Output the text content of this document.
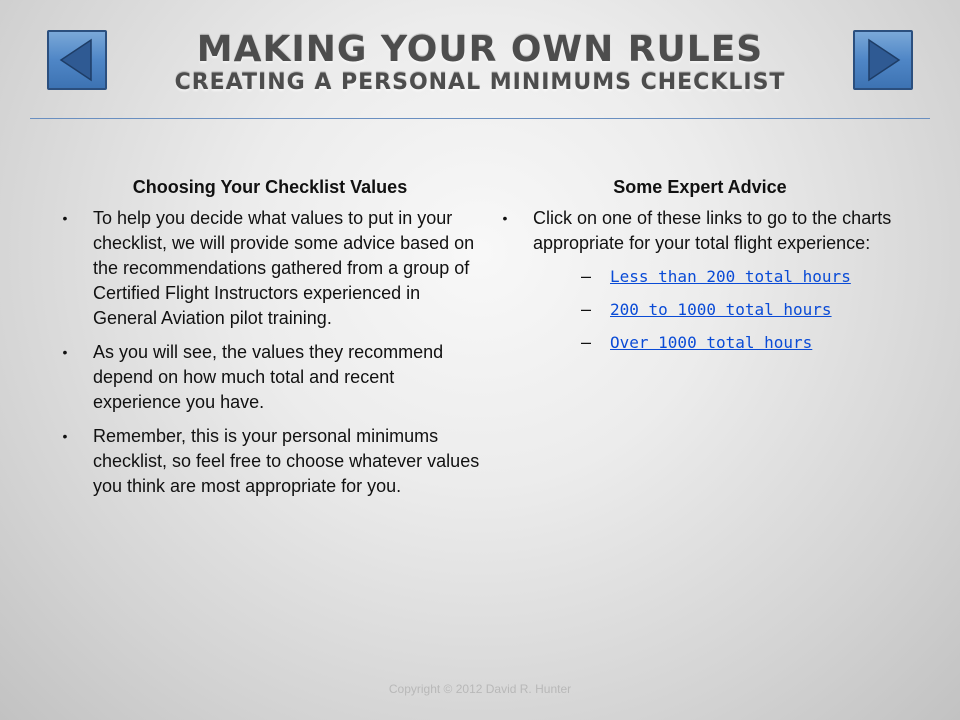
MAKING YOUR OWN RULES
CREATING A PERSONAL MINIMUMS CHECKLIST
Choosing Your Checklist Values
• To help you decide what values to put in your checklist, we will provide some advice based on the recommendations gathered from a group of Certified Flight Instructors experienced in General Aviation pilot training.
• As you will see, the values they recommend depend on how much total and recent experience you have.
• Remember, this is your personal minimums checklist, so feel free to choose whatever values you think are most appropriate for you.
Some Expert Advice
• Click on one of these links to go to the charts appropriate for your total flight experience:
– Less than 200 total hours
– 200 to 1000 total hours
– Over 1000 total hours
Copyright © 2012 David R. Hunter
